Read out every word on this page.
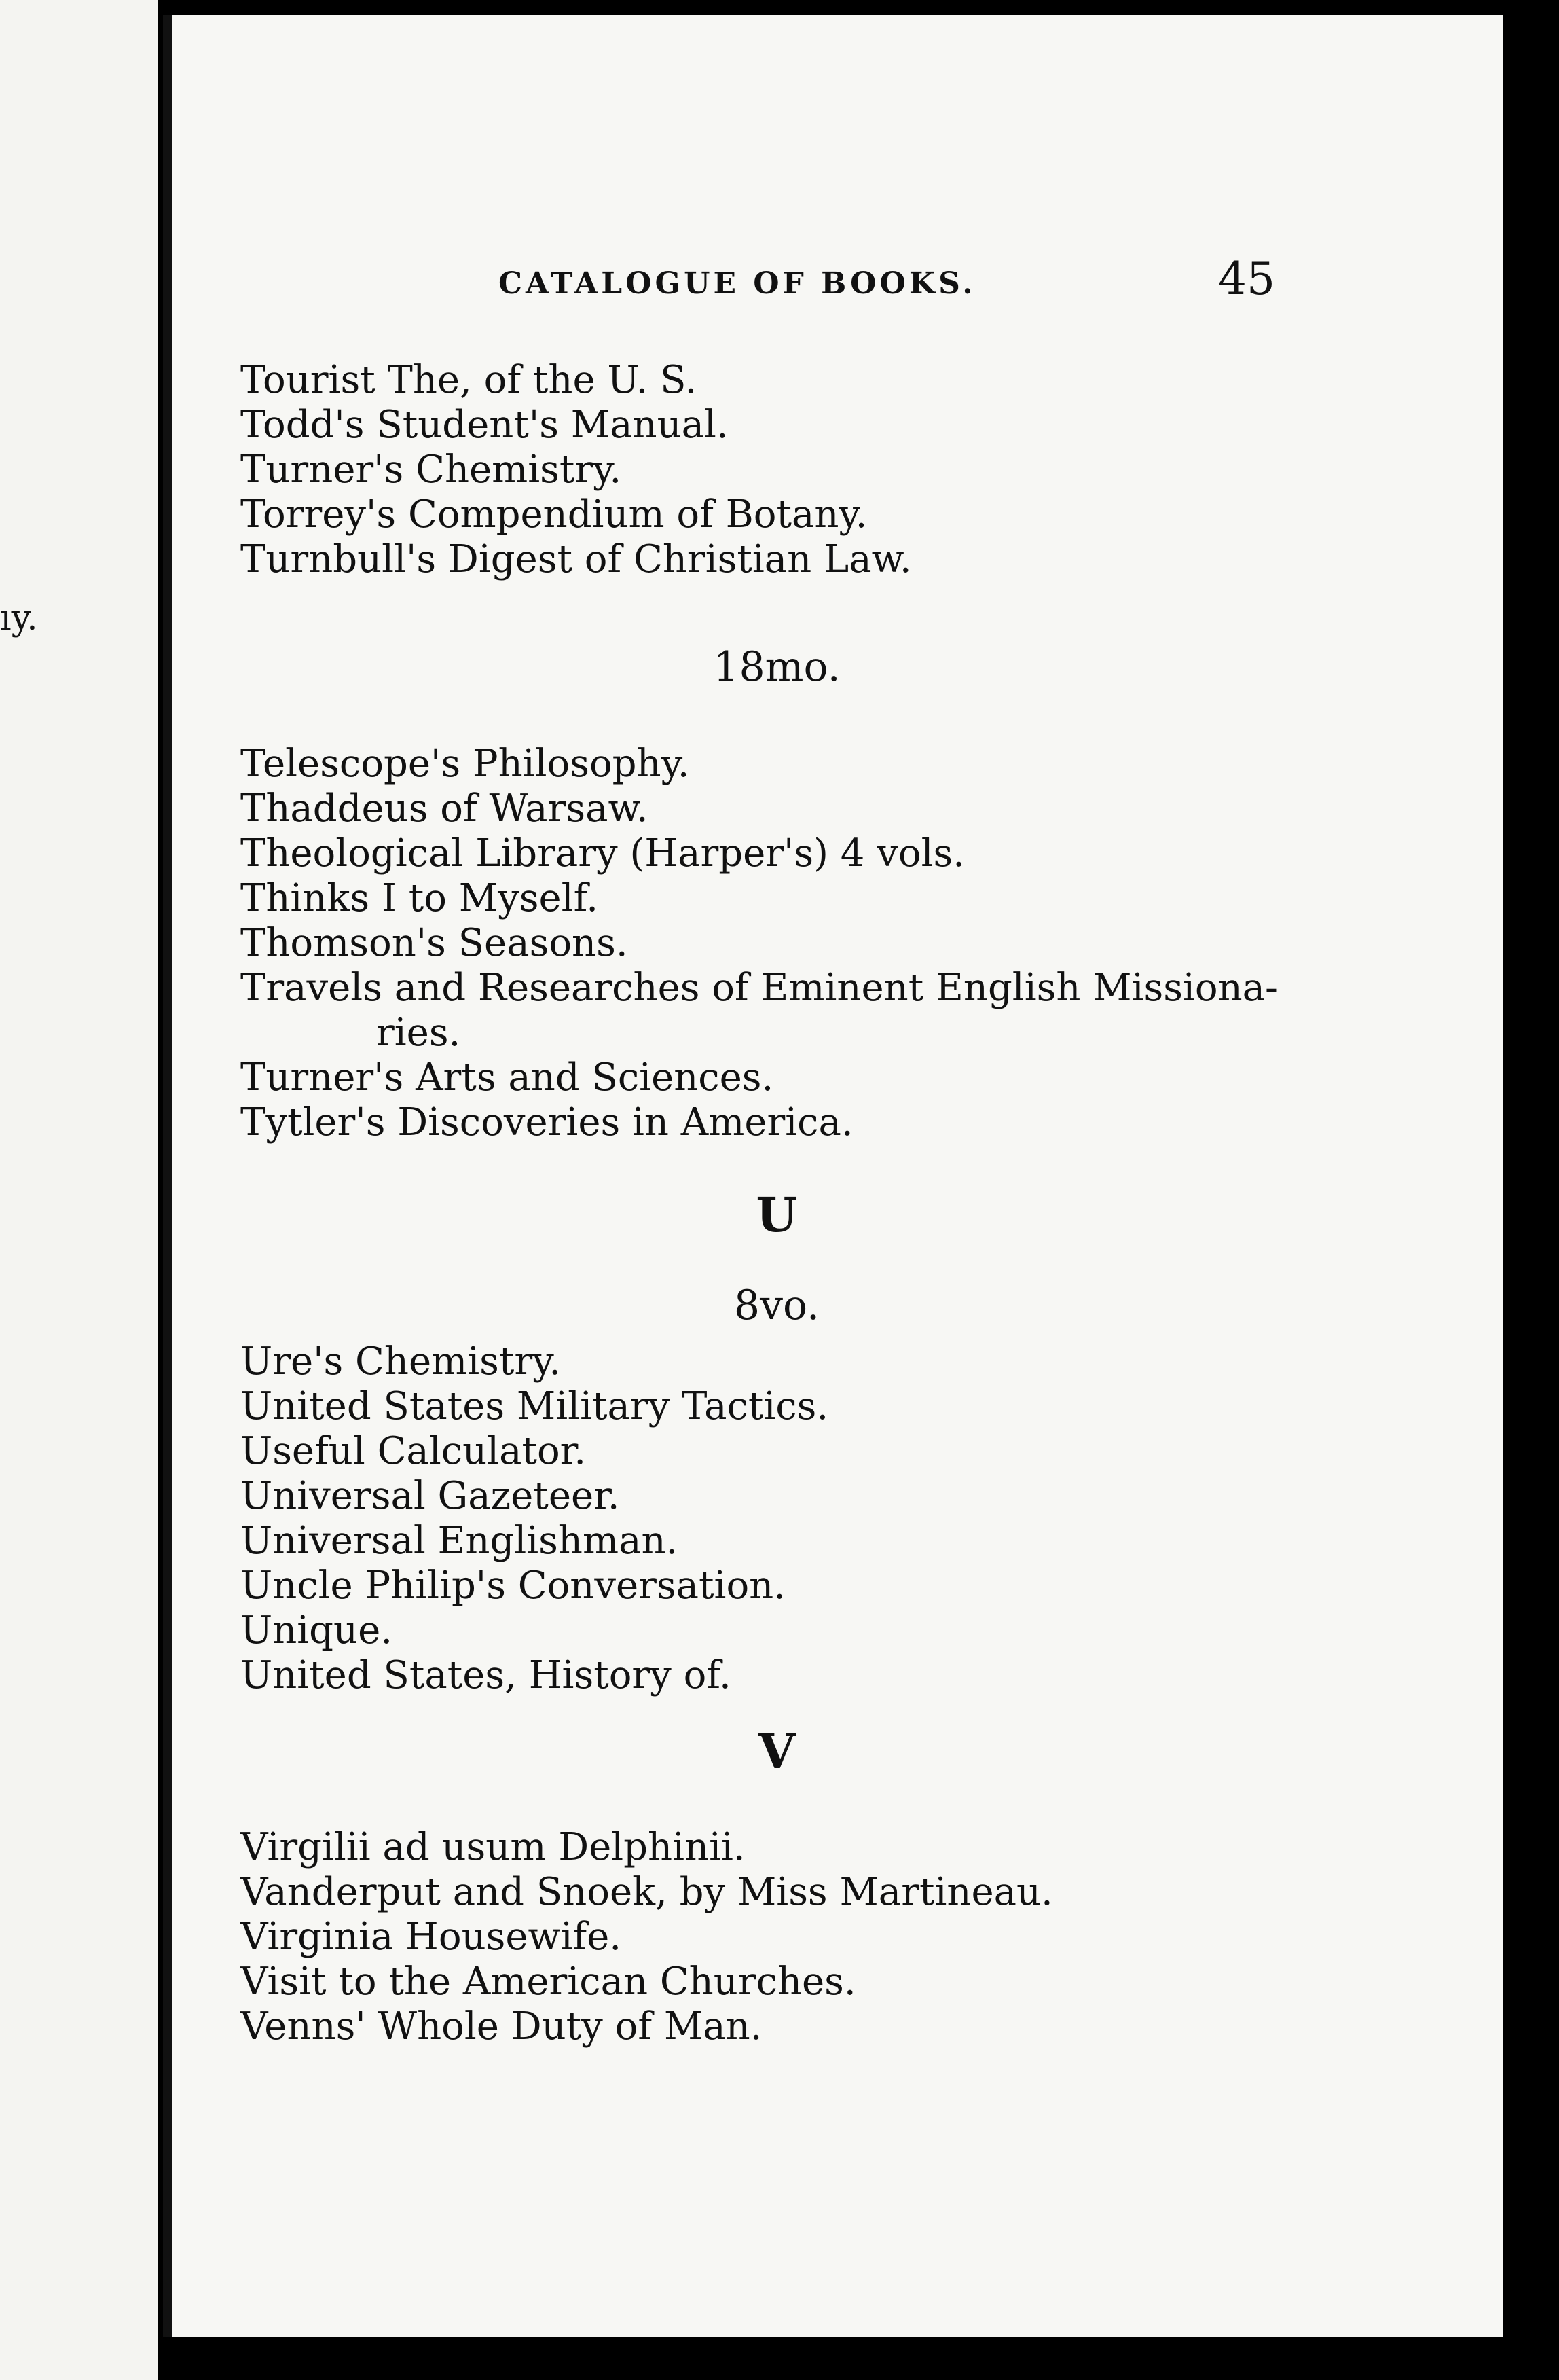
ıy.
CATALOGUE OF BOOKS.	45
Tourist The, of the U. S.
Todd's Student's Manual.
Turner's Chemistry.
Torrey's Compendium of Botany.
Turnbull's Digest of Christian Law.
18mo.
Telescope's Philosophy.
Thaddeus of Warsaw.
Theological Library (Harper's) 4 vols.
Thinks I to Myself.
Thomson's Seasons.
Travels and Researches of Eminent English Missiona-
ries.
Turner's Arts and Sciences.
Tytler's Discoveries in America.
U
8vo.
Ure's Chemistry.
United States Military Tactics.
Useful Calculator.
Universal Gazeteer.
Universal Englishman.
Uncle Philip's Conversation.
Unique.
United States, History of.
V
Virgilii ad usum Delphinii.
Vanderput and Snoek, by Miss Martineau.
Virginia Housewife.
Visit to the American Churches.
Venns' Whole Duty of Man.
